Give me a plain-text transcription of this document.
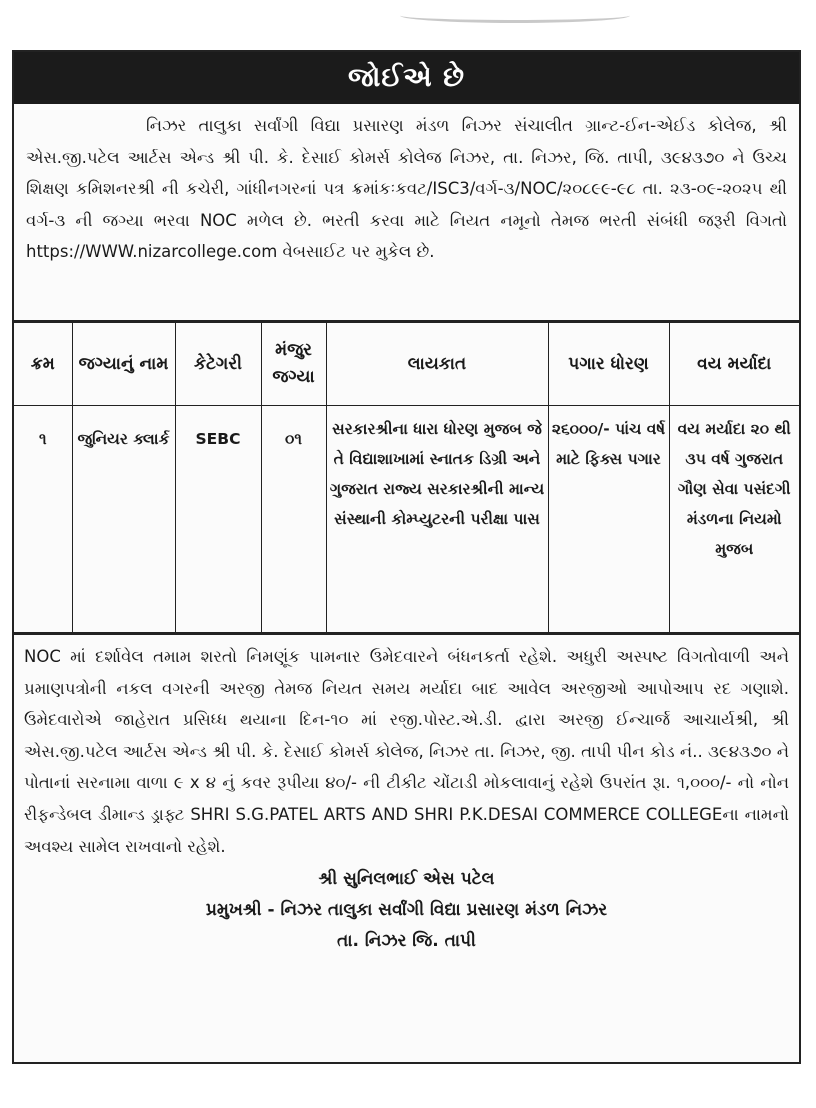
જોઈએ છે
નિઝર તાલુકા સર્વાંગી વિદ્યા પ્રસારણ મંડળ નિઝર સંચાલીત ગ્રાન્ટ-ઈન-એઈડ કોલેજ, શ્રી એસ.જી.પટેલ આર્ટસ એન્ડ શ્રી પી. કે. દેસાઈ કોમર્સ કોલેજ નિઝર, તા. નિઝર, જિ. તાપી, ૩૯૪૩૭૦ ને ઉચ્ચ શિક્ષણ કમિશનરશ્રી ની કચેરી, ગાંધીનગરનાં પત્ર ક્રમાંકઃકવટ/ISC3/વર્ગ-૩/NOC/૨૦૮૯૯-૯૮ તા. ૨૩-૦૯-૨૦૨૫ થી વર્ગ-૩ ની જગ્યા ભરવા NOC મળેલ છે. ભરતી કરવા માટે નિયત નમૂનો તેમજ ભરતી સંબંધી જરૂરી વિગતો https://WWW.nizarcollege.com વેબસાઈટ પર મુકેલ છે.
ક્રમ	જગ્યાનું નામ	કેટેગરી	મંજુર જગ્યા	લાયકાત	પગાર ધોરણ	વય મર્યાદા
૧	જુનિયર ક્લાર્ક	SEBC	૦૧	સરકારશ્રીના ધારા ધોરણ મુજબ જે તે વિદ્યાશાખામાં સ્નાતક ડિગ્રી અને ગુજરાત રાજ્ય સરકારશ્રીની માન્ય સંસ્થાની કોમ્પ્યુટરની પરીક્ષા પાસ	૨૬૦૦૦/- પાંચ વર્ષ માટે ફિક્સ પગાર	વય મર્યાદા ૨૦ થી ૩૫ વર્ષ ગુજરાત ગૌણ સેવા પસંદગી મંડળના નિયમો મુજબ
NOC માં દર્શાવેલ તમામ શરતો નિમણૂંક પામનાર ઉમેદવારને બંધનકર્તા રહેશે. અધુરી અસ્પષ્ટ વિગતોવાળી અને પ્રમાણપત્રોની નકલ વગરની અરજી તેમજ નિયત સમય મર્યાદા બાદ આવેલ અરજીઓ આપોઆપ રદ ગણાશે. ઉમેદવારોએ જાહેરાત પ્રસિધ્ધ થયાના દિન-૧૦ માં રજી.પોસ્ટ.એ.ડી. દ્વારા અરજી ઈન્ચાર્જ આચાર્યશ્રી, શ્રી એસ.જી.પટેલ આર્ટસ એન્ડ શ્રી પી. કે. દેસાઈ કોમર્સ કોલેજ, નિઝર તા. નિઝર, જી. તાપી પીન કોડ નં.. ૩૯૪૩૭૦ ને પોતાનાં સરનામા વાળા ૯ x ૪ નું કવર રૂપીયા ૪૦/- ની ટીકીટ ચોંટાડી મોકલાવાનું રહેશે ઉપરાંત રૂા. ૧,૦૦૦/- નો નોન રીફન્ડેબલ ડીમાન્ડ ડ્રાફ્ટ SHRI S.G.PATEL ARTS AND SHRI P.K.DESAI COMMERCE COLLEGEના નામનો અવશ્ય સામેલ રાખવાનો રહેશે.
શ્રી સુનિલભાઈ એસ પટેલ
પ્રમુખશ્રી - નિઝર તાલુકા સર્વાંગી વિદ્યા પ્રસારણ મંડળ નિઝર
તા. નિઝર જિ. તાપી
